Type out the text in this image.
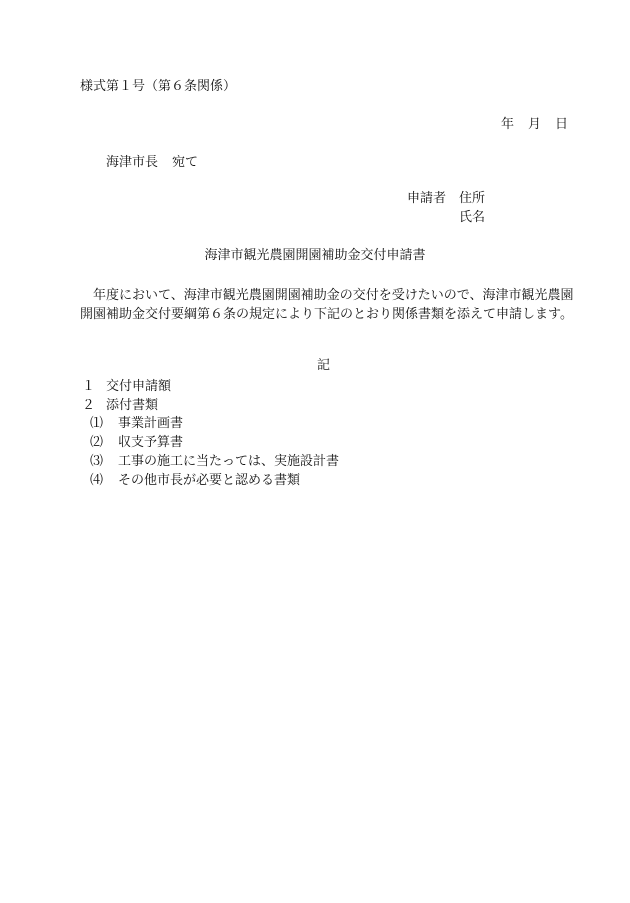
様式第１号（第６条関係）
年 月 日
海津市長 宛て
申請者 住所
氏名
海津市観光農園開園補助金交付申請書
年度において、海津市観光農園開園補助金の交付を受けたいので、海津市観光農園開園補助金交付要綱第６条の規定により下記のとおり関係書類を添えて申請します。
記
１ 交付申請額
２ 添付書類
⑴ 事業計画書
⑵ 収支予算書
⑶ 工事の施工に当たっては、実施設計書
⑷ その他市長が必要と認める書類
